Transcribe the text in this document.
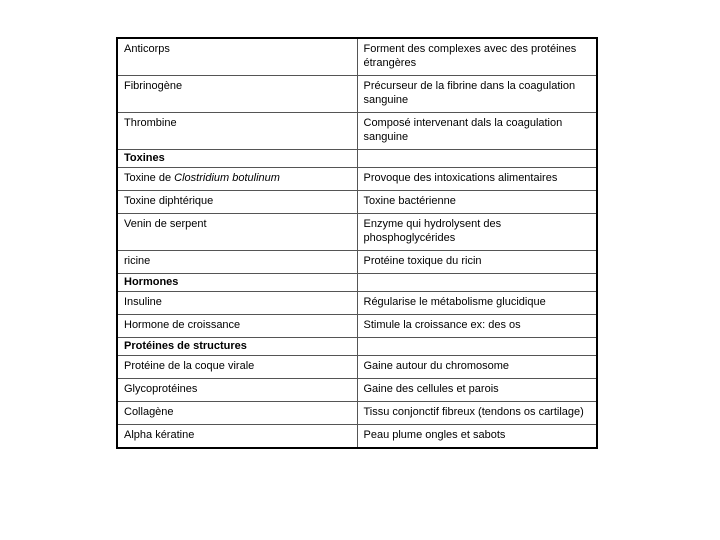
Anticorps	Forment des complexes avec des protéines étrangères
Fibrinogène	Précurseur de la fibrine dans la coagulation sanguine
Thrombine	Composé intervenant dals la coagulation sanguine
Toxines	
Toxine de Clostridium botulinum	Provoque des intoxications alimentaires
Toxine diphtérique	Toxine bactérienne
Venin de serpent	Enzyme qui hydrolysent des phosphoglycérides
ricine	Protéine toxique du ricin
Hormones	
Insuline	Régularise le métabolisme glucidique
Hormone de croissance	Stimule la croissance ex: des os
Protéines de structures	
Protéine de la coque virale	Gaine autour du chromosome
Glycoprotéines	Gaine des cellules et parois
Collagène	Tissu conjonctif fibreux (tendons os cartilage)
Alpha kératine	Peau plume ongles et sabots
